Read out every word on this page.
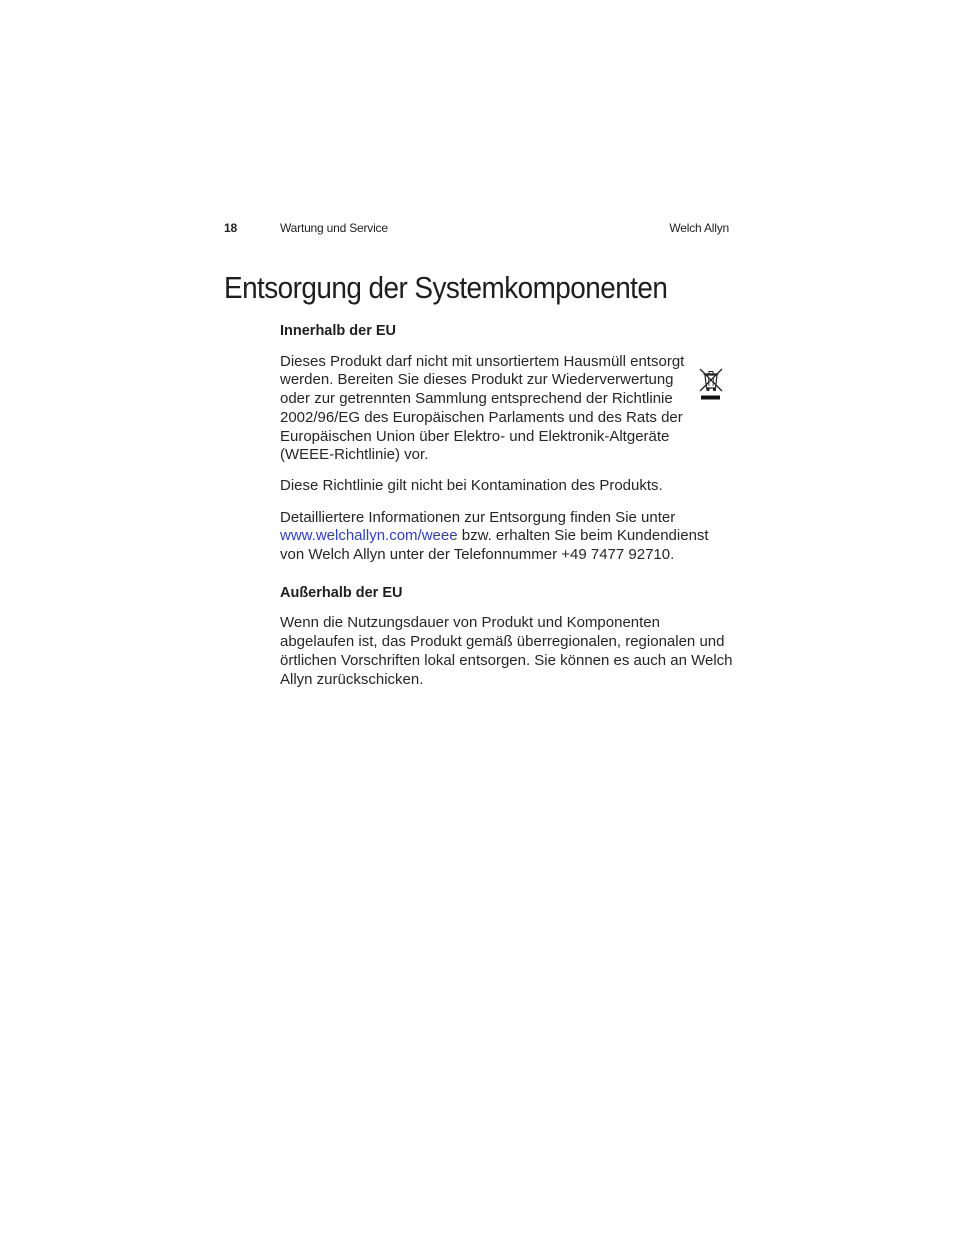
18	Wartung und Service	Welch Allyn
Entsorgung der Systemkomponenten
Innerhalb der EU

Dieses Produkt darf nicht mit unsortiertem Hausmüll entsorgt werden. Bereiten Sie dieses Produkt zur Wiederverwertung oder zur getrennten Sammlung entsprechend der Richtlinie 2002/96/EG des Europäischen Parlaments und des Rats der Europäischen Union über Elektro- und Elektronik-Altgeräte (WEEE-Richtlinie) vor.

Diese Richtlinie gilt nicht bei Kontamination des Produkts.

Detailliertere Informationen zur Entsorgung finden Sie unter www.welchallyn.com/weee bzw. erhalten Sie beim Kundendienst von Welch Allyn unter der Telefonnummer +49 7477 92710.

Außerhalb der EU

Wenn die Nutzungsdauer von Produkt und Komponenten abgelaufen ist, das Produkt gemäß überregionalen, regionalen und örtlichen Vorschriften lokal entsorgen. Sie können es auch an Welch Allyn zurückschicken.
